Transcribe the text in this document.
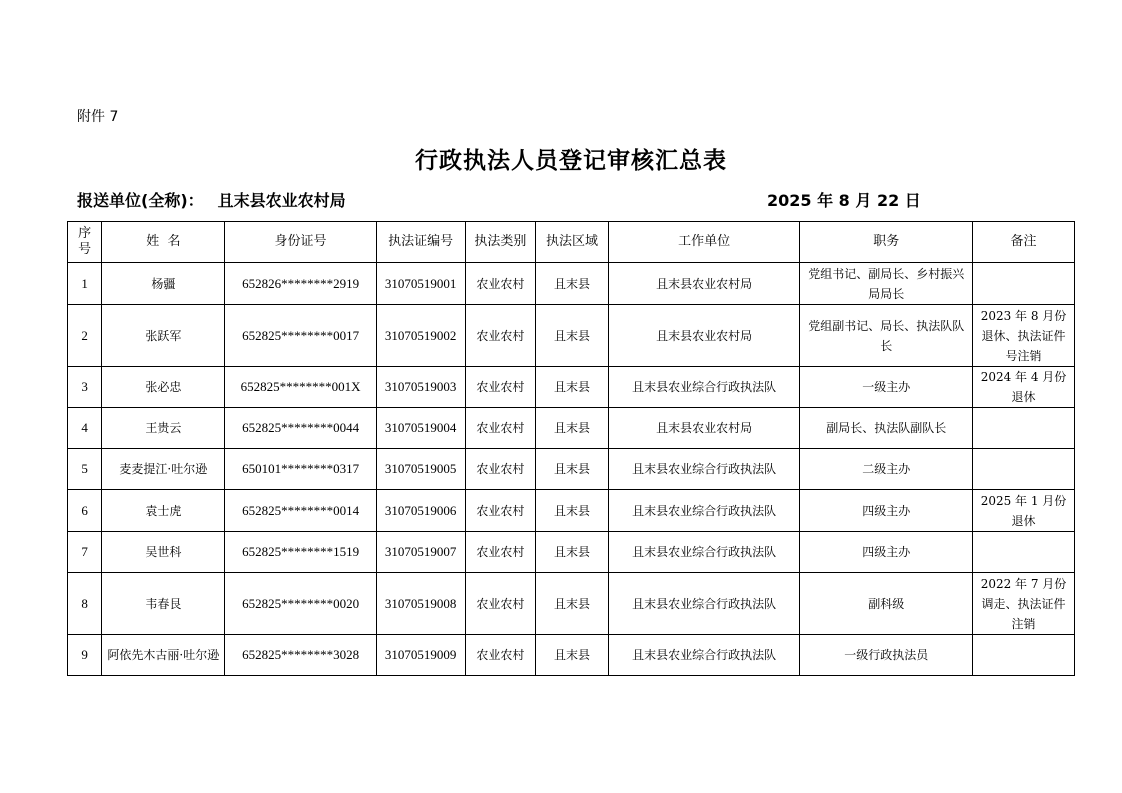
附件 7
行政执法人员登记审核汇总表
报送单位(全称)： 且末县农业农村局	2025 年 8 月 22 日
序号	姓  名	身份证号	执法证编号	执法类别	执法区域	工作单位	职务	备注
1	杨疆	652826********2919	31070519001	农业农村	且末县	且末县农业农村局	党组书记、副局长、乡村振兴局局长	
2	张跃军	652825********0017	31070519002	农业农村	且末县	且末县农业农村局	党组副书记、局长、执法队队长	2023 年 8 月份退休、执法证件号注销
3	张必忠	652825********001X	31070519003	农业农村	且末县	且末县农业综合行政执法队	一级主办	2024 年 4 月份退休
4	王贵云	652825********0044	31070519004	农业农村	且末县	且末县农业农村局	副局长、执法队副队长	
5	麦麦提江·吐尔逊	650101********0317	31070519005	农业农村	且末县	且末县农业综合行政执法队	二级主办	
6	袁士虎	652825********0014	31070519006	农业农村	且末县	且末县农业综合行政执法队	四级主办	2025 年 1 月份退休
7	吴世科	652825********1519	31070519007	农业农村	且末县	且末县农业综合行政执法队	四级主办	
8	韦春艮	652825********0020	31070519008	农业农村	且末县	且末县农业综合行政执法队	副科级	2022 年 7 月份调走、执法证件注销
9	阿依先木古丽·吐尔逊	652825********3028	31070519009	农业农村	且末县	且末县农业综合行政执法队	一级行政执法员	
